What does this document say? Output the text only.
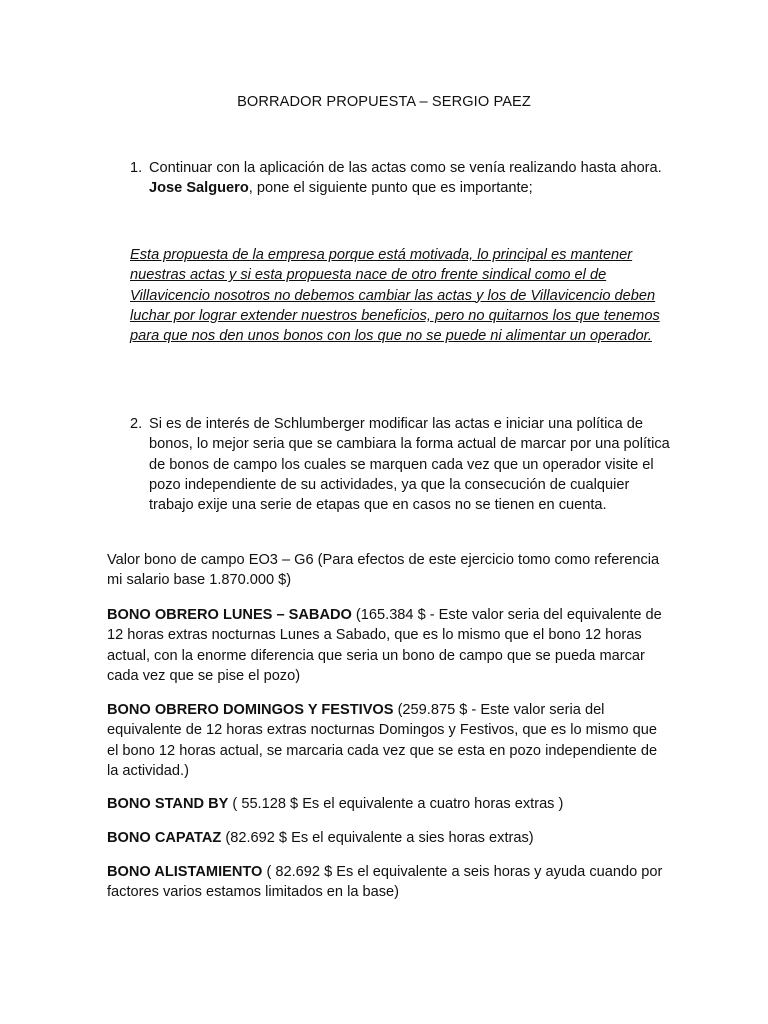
BORRADOR PROPUESTA – SERGIO PAEZ
1. Continuar con la aplicación de las actas como se venía realizando hasta ahora. Jose Salguero, pone el siguiente punto que es importante;
Esta propuesta de la empresa porque está motivada, lo principal es mantener nuestras actas y si esta propuesta nace de otro frente sindical como el de Villavicencio nosotros no debemos cambiar las actas y los de Villavicencio deben luchar por lograr extender nuestros beneficios, pero no quitarnos los que tenemos para que nos den unos bonos con los que no se puede ni alimentar un operador.
2. Si es de interés de Schlumberger modificar las actas e iniciar una política de bonos, lo mejor seria que se cambiara la forma actual de marcar por una política de bonos de campo los cuales se marquen cada vez que un operador visite el pozo independiente de su actividades, ya que la consecución de cualquier trabajo exije una serie de etapas que en casos no se tienen en cuenta.
Valor bono de campo EO3 – G6 (Para efectos de este ejercicio tomo como referencia mi salario base 1.870.000 $)
BONO OBRERO LUNES – SABADO (165.384 $ - Este valor seria del equivalente de 12 horas extras nocturnas Lunes a Sabado, que es lo mismo que el bono 12 horas actual, con la enorme diferencia que seria un bono de campo que se pueda marcar cada vez que se pise el pozo)
BONO OBRERO DOMINGOS Y FESTIVOS (259.875 $ - Este valor seria del equivalente de 12 horas extras nocturnas Domingos y Festivos, que es lo mismo que el bono 12 horas actual, se marcaria cada vez que se esta en pozo independiente de la actividad.)
BONO STAND BY ( 55.128 $ Es el equivalente a cuatro horas extras )
BONO CAPATAZ (82.692 $ Es el equivalente a sies horas extras)
BONO ALISTAMIENTO ( 82.692 $ Es el equivalente a seis horas y ayuda cuando por factores varios estamos limitados en la base)
